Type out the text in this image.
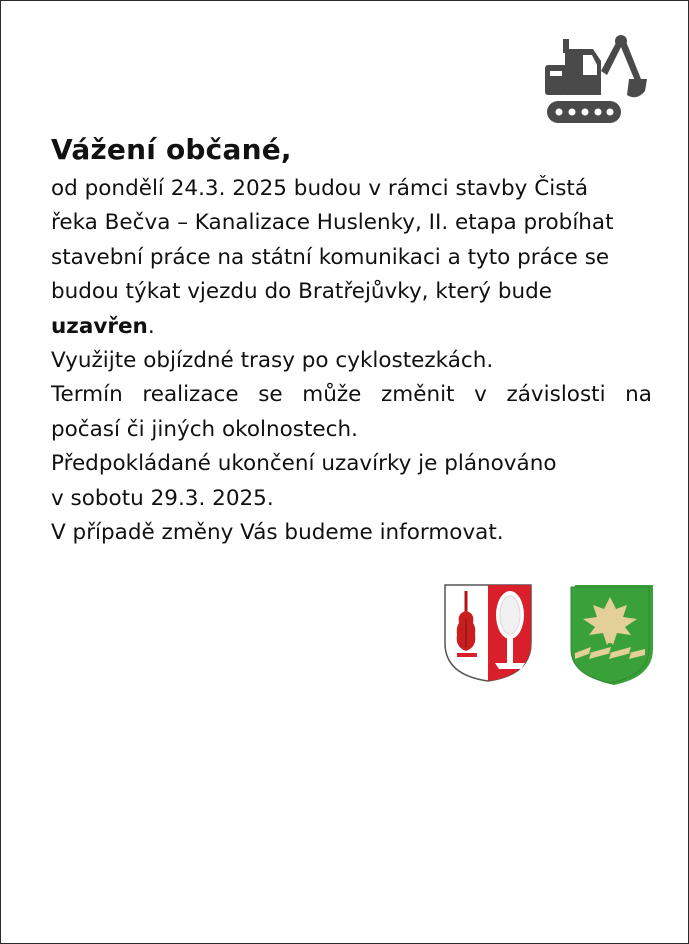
Vážení občané,
od pondělí 24.3. 2025 budou v rámci stavby Čistá
řeka Bečva – Kanalizace Huslenky, II. etapa probíhat
stavební práce na státní komunikaci a tyto práce se
budou týkat vjezdu do Bratřejůvky, který bude
uzavřen.
Využijte objízdné trasy po cyklostezkách.
Termín realizace se může změnit v závislosti na
počasí či jiných okolnostech.
Předpokládané ukončení uzavírky je plánováno
v sobotu 29.3. 2025.
V případě změny Vás budeme informovat.
